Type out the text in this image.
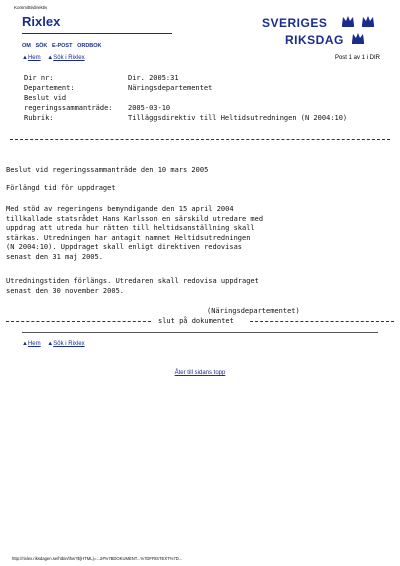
Kommittédirektiv
Rixlex
OM SÖK E-POST ORDBOK
SVERIGES
RIKSDAG
▲Hem ▲Sök i Rixlex	Post 1 av 1 i DIR
Dir nr:	Dir. 2005:31
Departement:	Näringsdepartementet
Beslut vid
regeringssammanträde: 2005-03-10
Rubrik:	Tilläggsdirektiv till Heltidsutredningen (N 2004:10)
Beslut vid regeringssammanträde den 10 mars 2005
Förlängd tid för uppdraget
Med stöd av regeringens bemyndigande den 15 april 2004
tillkallade statsrådet Hans Karlsson en särskild utredare med
uppdrag att utreda hur rätten till heltidsanställning skall
stärkas. Utredningen har antagit namnet Heltidsutredningen
(N 2004:10). Uppdraget skall enligt direktiven redovisas
senast den 31 maj 2005.
Utredningstiden förlängs. Utredaren skall redovisa uppdraget
senast den 30 november 2005.
(Näringsdepartementet)
slut på dokumentet
▲Hem ▲Sök i Rixlex
Åter till sidans topp
http://rixlex.riksdagen.se/htbin/thw?${HTML}=...2#%7BDOKUMENT...%7DFRISTEXT%7D...
